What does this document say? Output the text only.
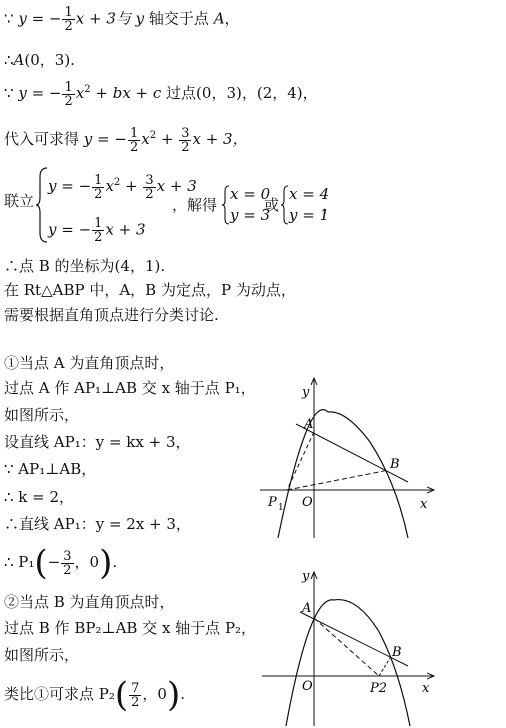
∵ y = − $\frac{1}{2}$ x + 3与 y 轴交于点 A，
∴A(0，3).
∵ y = − $\frac{1}{2} x^2$ + bx + c 过点(0，3)，(2，4)，
代入可求得 y = − $\frac{1}{2} x^2 + \frac{3}{2}$ x + 3，
联立
y = − $\frac{1}{2} x^2 + \frac{3}{2}$ x + 3
y = − $\frac{1}{2}$ x + 3
，解得
x = 0
y = 3
或
x = 4
y = 1
，
∴点 B 的坐标为(4，1).
在 Rt△ABP 中，A，B 为定点，P 为动点，
需要根据直角顶点进行分类讨论.
①当点 A 为直角顶点时，
过点 A 作 AP₁⊥AB 交 x 轴于点 P₁，
如图所示，
设直线 AP₁：y = kx + 3，
∵ AP₁⊥AB，
∴ k = 2，
∴直线 AP₁：y = 2x + 3，
∴ $P_1(- \frac{3}{2}$ ，0).
②当点 B 为直角顶点时，
过点 B 作 BP₂⊥AB 交 x 轴于点 P₂，
如图所示，
类比①可求点 $P_2( \frac{7}{2}$ ，0).
y
x
A
B
O
P 1
y
x
A
B
O	P2
